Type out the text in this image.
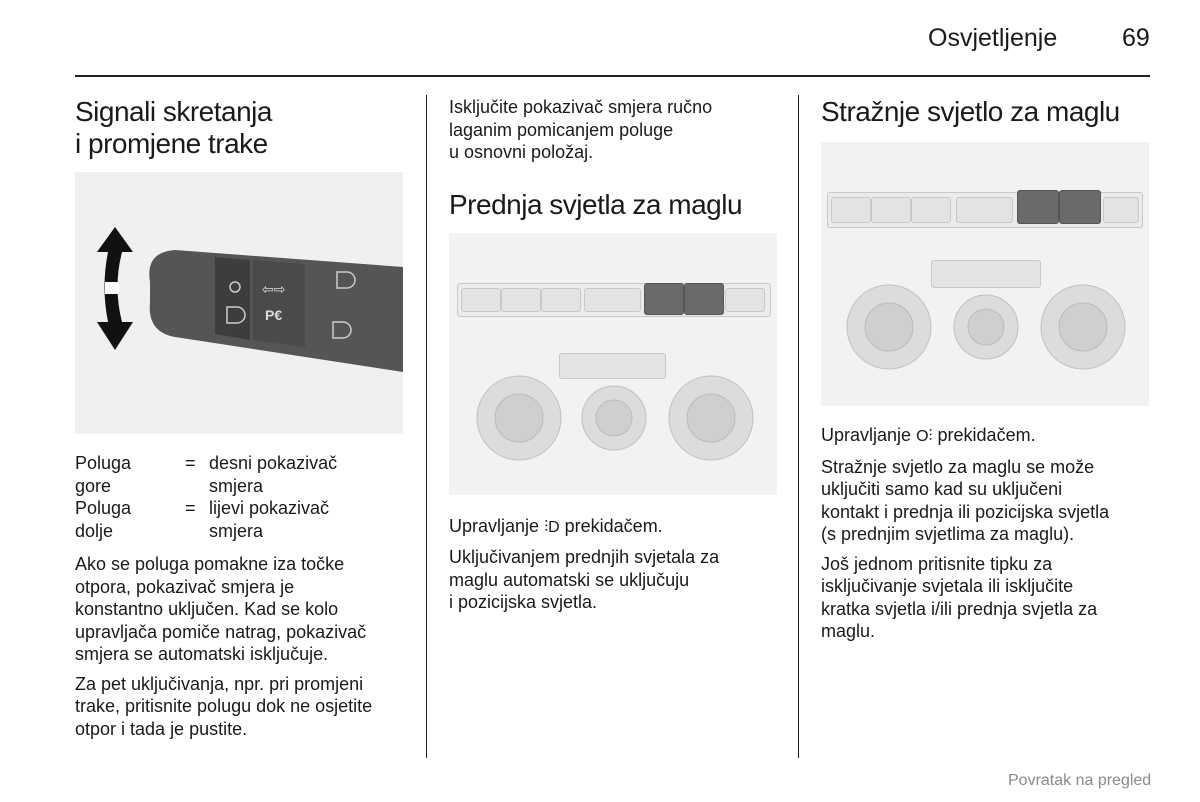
Osvjetljenje	69
Signali skretanja
i promjene trake
⇦⇨
P€
Poluga
gore
= desni pokazivač
smjera
Poluga
dolje
= lijevi pokazivač
smjera

Ako se poluga pomakne iza točke
otpora, pokazivač smjera je
konstantno uključen. Kad se kolo
upravljača pomiče natrag, pokazivač
smjera se automatski isključuje.

Za pet uključivanja, npr. pri promjeni
trake, pritisnite polugu dok ne osjetite
otpor i tada je pustite.

Isključite pokazivač smjera ručno
laganim pomicanjem poluge
u osnovni položaj.

Prednja svjetla za maglu

Upravljanje ⫶D prekidačem.

Uključivanjem prednjih svjetala za
maglu automatski se uključuju
i pozicijska svjetla.

Stražnje svjetlo za maglu

Upravljanje O⫶ prekidačem.

Stražnje svjetlo za maglu se može
uključiti samo kad su uključeni
kontakt i prednja ili pozicijska svjetla
(s prednjim svjetlima za maglu).

Još jednom pritisnite tipku za
isključivanje svjetala ili isključite
kratka svjetla i/ili prednja svjetla za
maglu.

Povratak na pregled
